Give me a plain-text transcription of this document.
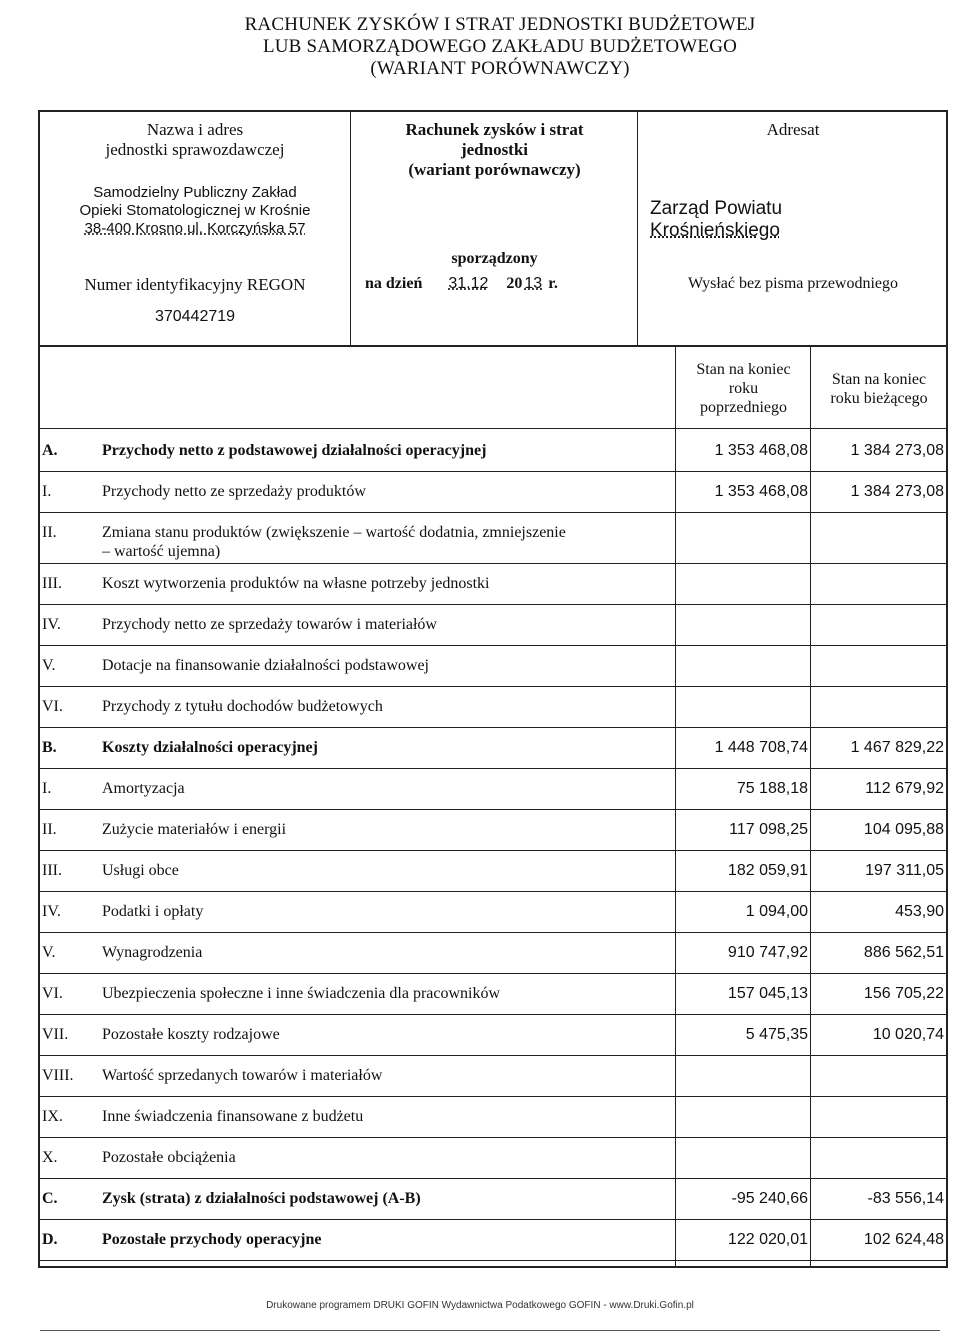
RACHUNEK ZYSKÓW I STRAT JEDNOSTKI BUDŻETOWEJ
LUB SAMORZĄDOWEGO ZAKŁADU BUDŻETOWEGO
(WARIANT PORÓWNAWCZY)
Nazwa i adres
jednostki sprawozdawczej
Samodzielny Publiczny Zakład
Opieki Stomatologicznej w Krośnie
38-400 Krosno ul. Korczyńska 57
Numer identyfikacyjny REGON
370442719
Rachunek zysków i strat
jednostki
(wariant porównawczy)
sporządzony
na dzień 31.12 20 13 r.
Adresat
Zarząd Powiatu
Krośnieńskiego
Wysłać bez pisma przewodniego
Stan na koniec
roku
poprzedniego
Stan na koniec
roku bieżącego
A.	Przychody netto z podstawowej działalności operacyjnej	1 353 468,08	1 384 273,08
I.	Przychody netto ze sprzedaży produktów	1 353 468,08	1 384 273,08
II.	Zmiana stanu produktów (zwiększenie – wartość dodatnia, zmniejszenie
– wartość ujemna)
III.	Koszt wytworzenia produktów na własne potrzeby jednostki
IV.	Przychody netto ze sprzedaży towarów i materiałów
V.	Dotacje na finansowanie działalności podstawowej
VI. Przychody z tytułu dochodów budżetowych
B.	Koszty działalności operacyjnej	1 448 708,74	1 467 829,22
I.	Amortyzacja	75 188,18	112 679,92
II.	Zużycie materiałów i energii	117 098,25	104 095,88
III.	Usługi obce	182 059,91	197 311,05
IV.	Podatki i opłaty	1 094,00	453,90
V.	Wynagrodzenia	910 747,92	886 562,51
VI. Ubezpieczenia społeczne i inne świadczenia dla pracowników	157 045,13	156 705,22
VII. Pozostałe koszty rodzajowe	5 475,35	10 020,74
VIII. Wartość sprzedanych towarów i materiałów
IX. Inne świadczenia finansowane z budżetu
X.	Pozostałe obciążenia
C.	Zysk (strata) z działalności podstawowej (A-B)	-95 240,66	-83 556,14
D.	Pozostałe przychody operacyjne	122 020,01	102 624,48
Drukowane programem DRUKI GOFIN Wydawnictwa Podatkowego GOFIN - www.Druki.Gofin.pl
